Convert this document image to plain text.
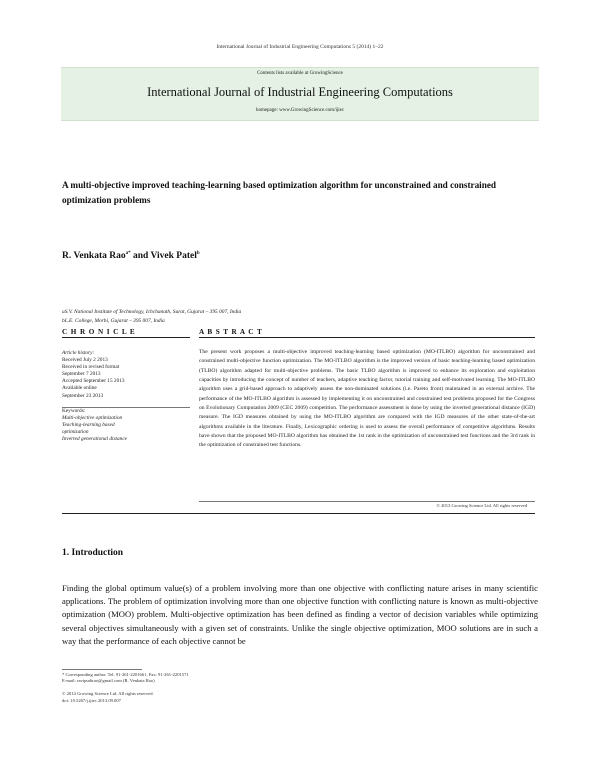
International Journal of Industrial Engineering Computations 5 (2014) 1–22
Contents lists available at GrowingScience
International Journal of Industrial Engineering Computations
homepage: www.GrowingScience.com/ijiec
A multi-objective improved teaching-learning based optimization algorithm for unconstrained and constrained optimization problems
R. Venkata Rao$^{a*}$ and Vivek Patel$^b$
aS.V. National Institute of Technology, Ichchanath, Surat, Gujarat – 395 007, India
bL.E. College, Morbi, Gujarat – 395 007, India
C H R O N I C L E	A B S T R A C T
Article history:
Received July 2 2013
Received in revised format
September 7 2013
Accepted September 15 2013
Available online
September 23 2013
Keywords:
Multi-objective optimization
Teaching-learning based
optimization
Inverted generational distance
The present work proposes a multi-objective improved teaching-learning based optimization (MO-ITLBO) algorithm for unconstrained and constrained multi-objective function optimization. The MO-ITLBO algorithm is the improved version of basic teaching-learning based optimization (TLBO) algorithm adapted for multi-objective problems. The basic TLBO algorithm is improved to enhance its exploration and exploitation capacities by introducing the concept of number of teachers, adaptive teaching factor, tutorial training and self-motivated learning. The MO-ITLBO algorithm uses a grid-based approach to adaptively assess the non-dominated solutions (i.e. Pareto front) maintained in an external archive. The performance of the MO-ITLBO algorithm is assessed by implementing it on unconstrained and constrained test problems proposed for the Congress on Evolutionary Computation 2009 (CEC 2009) competition. The performance assessment is done by using the inverted generational distance (IGD) measure. The IGD measures obtained by using the MO-ITLBO algorithm are compared with the IGD measures of the other state-of-the-art algorithms available in the literature. Finally, Lexicographic ordering is used to assess the overall performance of competitive algorithms. Results have shown that the proposed MO-ITLBO algorithm has obtained the 1st rank in the optimization of unconstrained test functions and the 3rd rank in the optimization of constrained test functions.
© 2013 Growing Science Ltd. All rights reserved
1. Introduction
Finding the global optimum value(s) of a problem involving more than one objective with conflicting nature arises in many scientific applications. The problem of optimization involving more than one objective function with conflicting nature is known as multi-objective optimization (MOO) problem. Multi-objective optimization has been defined as finding a vector of decision variables while optimizing several objectives simultaneously with a given set of constraints. Unlike the single objective optimization, MOO solutions are in such a way that the performance of each objective cannot be
* Corresponding author. Tel: 91-261-2201661, Fax: 91-261-2201571
E-mail: ravipudirao@gmail.com (R. Venkata Rao)
© 2014 Growing Science Ltd. All rights reserved.
doi: 10.5267/j.ijiec.2013.09.007
